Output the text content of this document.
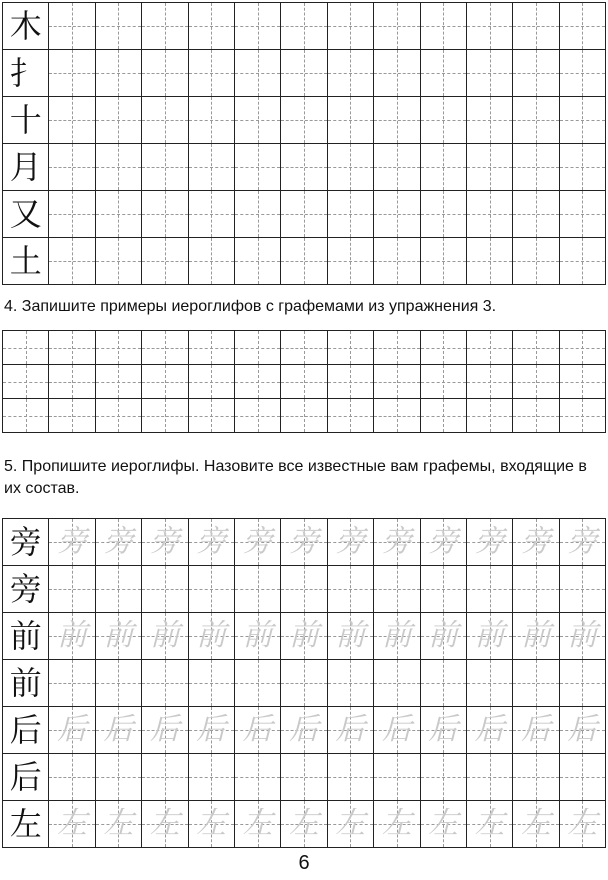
木
扌
十
月
又
土

4. Запишите примеры иероглифов с графемами из упражнения 3.

5. Пропишите иероглифы. Назовите все известные вам графемы, входящие в их состав.

旁 旁 旁 旁 旁 旁 旁 旁 旁 旁 旁 旁 旁
旁
前 前 前 前 前 前 前 前 前 前 前 前 前
前
后 后 后 后 后 后 后 后 后 后 后 后 后
后
左 左 左 左 左 左 左 左 左 左 左 左 左
6
